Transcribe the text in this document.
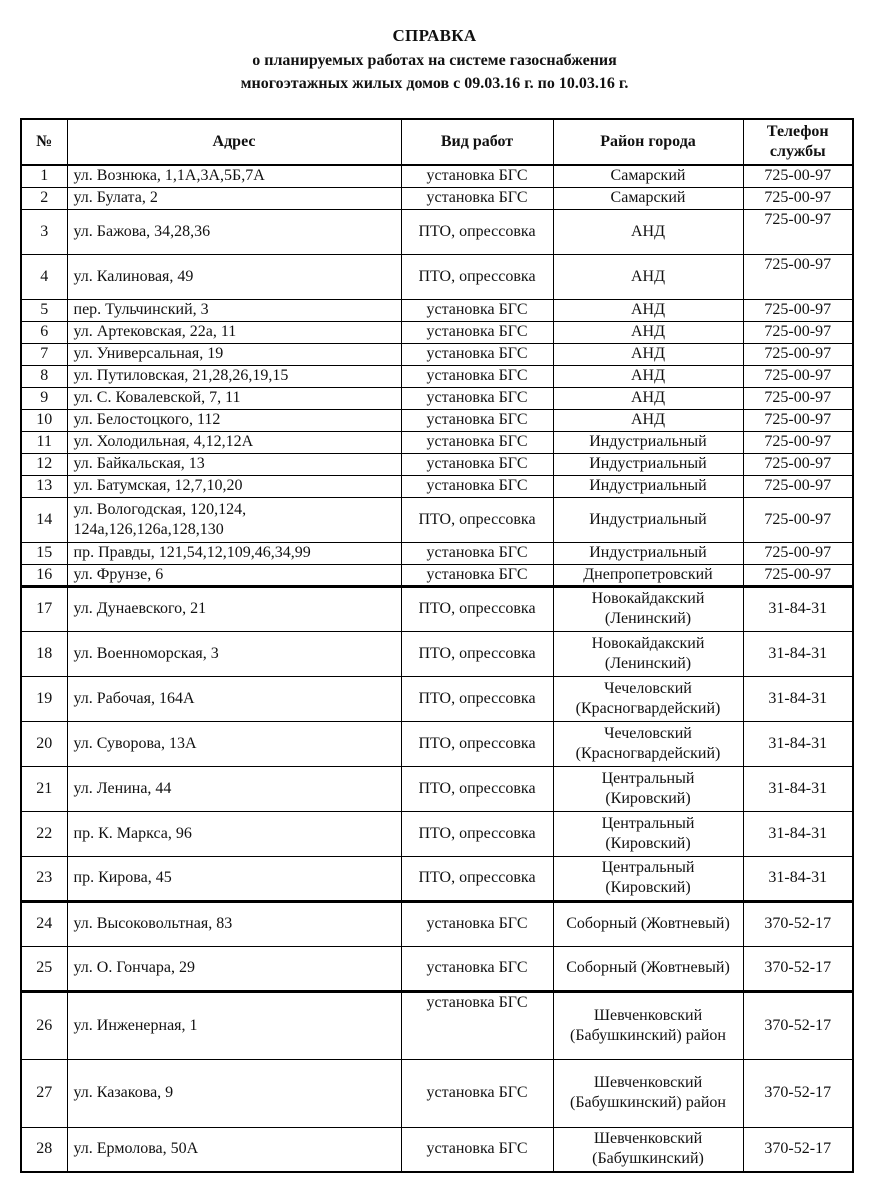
СПРАВКА
о планируемых работах на системе газоснабжения
многоэтажных жилых домов с 09.03.16 г. по 10.03.16 г.
№	Адрес	Вид работ	Район города	Телефон службы
1	ул. Вознюка, 1,1А,3А,5Б,7А	установка БГС	Самарский	725-00-97
2	ул. Булата, 2	установка БГС	Самарский	725-00-97
3	ул. Бажова, 34,28,36	ПТО, опрессовка	АНД	725-00-97
4	ул. Калиновая, 49	ПТО, опрессовка	АНД	725-00-97
5	пер. Тульчинский, 3	установка БГС	АНД	725-00-97
6	ул. Артековская, 22а, 11	установка БГС	АНД	725-00-97
7	ул. Универсальная, 19	установка БГС	АНД	725-00-97
8	ул. Путиловская, 21,28,26,19,15	установка БГС	АНД	725-00-97
9	ул. С. Ковалевской, 7, 11	установка БГС	АНД	725-00-97
10	ул. Белостоцкого, 112	установка БГС	АНД	725-00-97
11	ул. Холодильная, 4,12,12А	установка БГС	Индустриальный	725-00-97
12	ул. Байкальская, 13	установка БГС	Индустриальный	725-00-97
13	ул. Батумская, 12,7,10,20	установка БГС	Индустриальный	725-00-97
14	ул. Вологодская, 120,124, 124а,126,126а,128,130	ПТО, опрессовка	Индустриальный	725-00-97
15	пр. Правды, 121,54,12,109,46,34,99	установка БГС	Индустриальный	725-00-97
16	ул. Фрунзе, 6	установка БГС	Днепропетровский	725-00-97
17	ул. Дунаевского, 21	ПТО, опрессовка	Новокайдакский (Ленинский)	31-84-31
18	ул. Военноморская, 3	ПТО, опрессовка	Новокайдакский (Ленинский)	31-84-31
19	ул. Рабочая, 164А	ПТО, опрессовка	Чечеловский (Красногвардейский)	31-84-31
20	ул. Суворова, 13А	ПТО, опрессовка	Чечеловский (Красногвардейский)	31-84-31
21	ул. Ленина, 44	ПТО, опрессовка	Центральный (Кировский)	31-84-31
22	пр. К. Маркса, 96	ПТО, опрессовка	Центральный (Кировский)	31-84-31
23	пр. Кирова, 45	ПТО, опрессовка	Центральный (Кировский)	31-84-31
24	ул. Высоковольтная, 83	установка БГС	Соборный (Жовтневый)	370-52-17
25	ул. О. Гончара, 29	установка БГС	Соборный (Жовтневый)	370-52-17
26	ул. Инженерная, 1	установка БГС	Шевченковский (Бабушкинский) район	370-52-17
27	ул. Казакова, 9	установка БГС	Шевченковский (Бабушкинский) район	370-52-17
28	ул. Ермолова, 50А	установка БГС	Шевченковский (Бабушкинский)	370-52-17
